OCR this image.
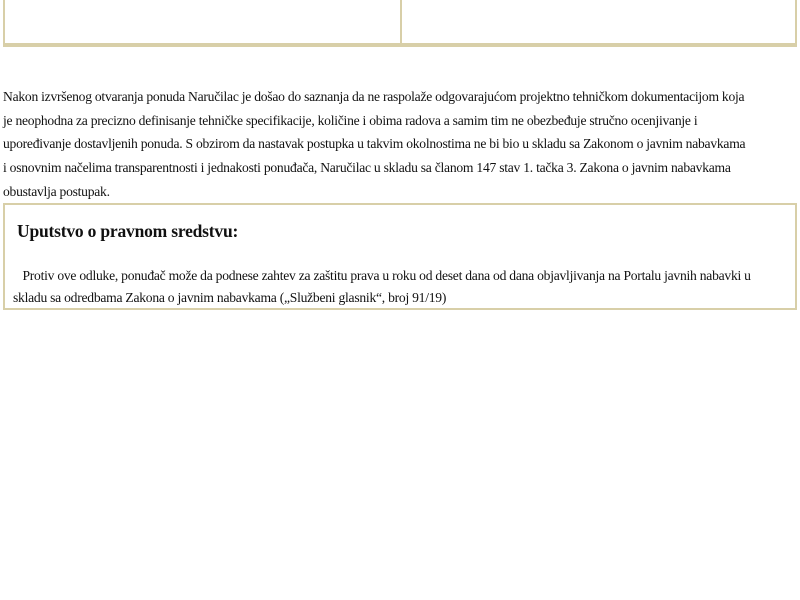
Nakon izvršenog otvaranja ponuda Naručilac je došao do saznanja da ne raspolaže odgovarajućom projektno tehničkom dokumentacijom koja
je neophodna za precizno definisanje tehničke specifikacije, količine i obima radova a samim tim ne obezbeđuje stručno ocenjivanje i
upoređivanje dostavljenih ponuda. S obzirom da nastavak postupka u takvim okolnostima ne bi bio u skladu sa Zakonom o javnim nabavkama
i osnovnim načelima transparentnosti i jednakosti ponuđača, Naručilac u skladu sa članom 147 stav 1. tačka 3. Zakona o javnim nabavkama
obustavlja postupak.
Uputstvo o pravnom sredstvu:
Protiv ove odluke, ponuđač može da podnese zahtev za zaštitu prava u roku od deset dana od dana objavljivanja na Portalu javnih nabavki u
skladu sa odredbama Zakona o javnim nabavkama („Službeni glasnik“, broj 91/19)
